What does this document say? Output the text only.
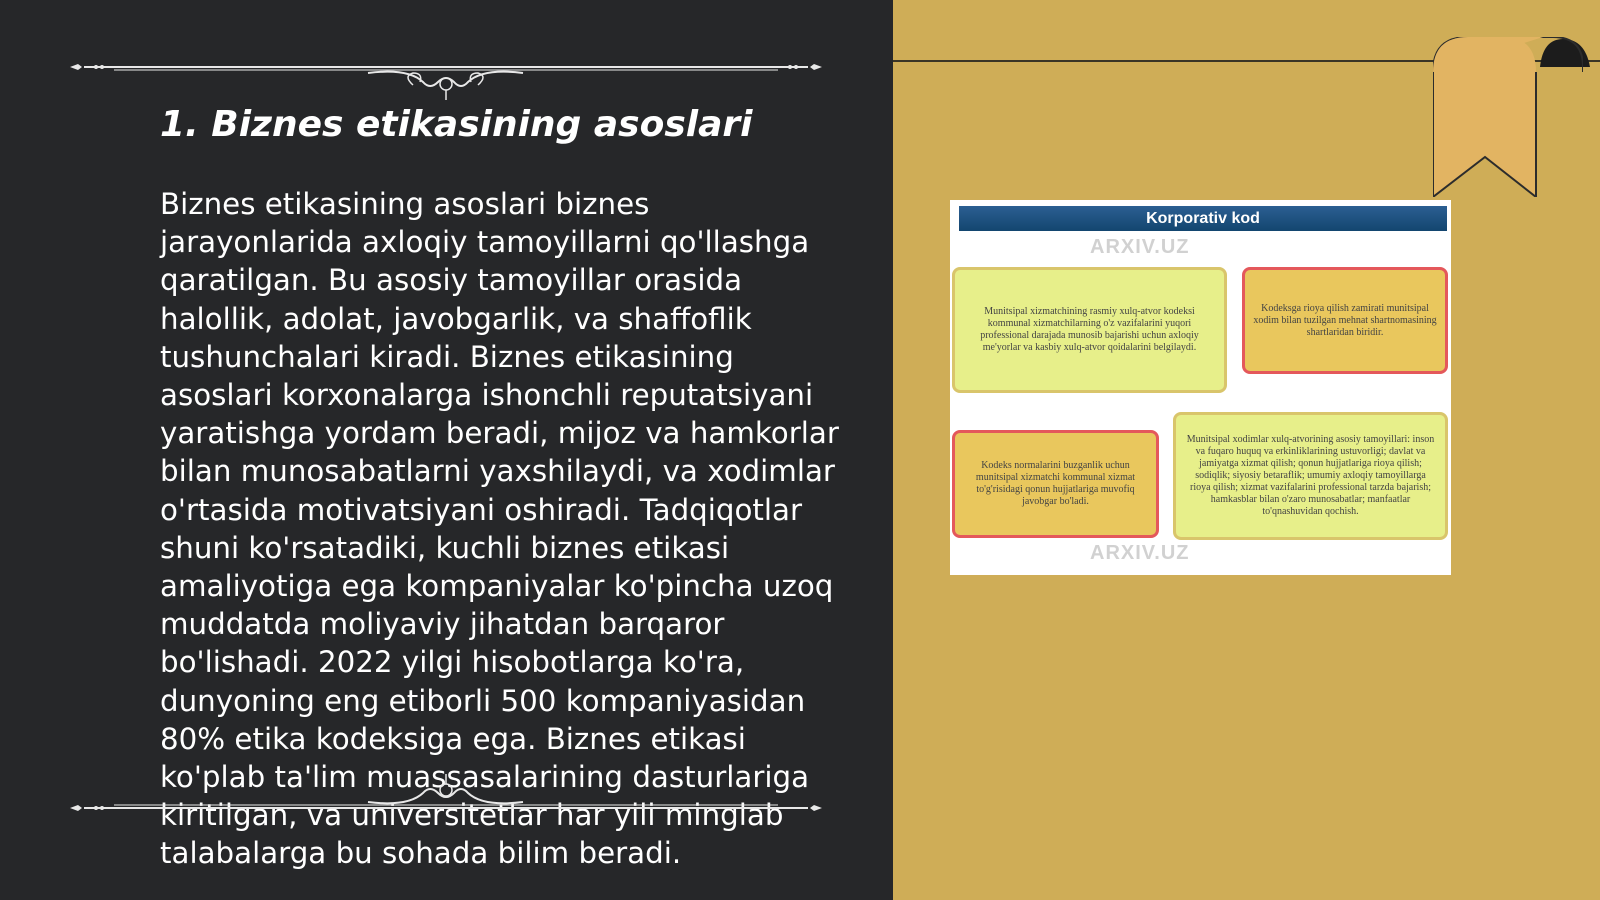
1. Biznes etikasining asoslari

Biznes etikasining asoslari biznes jarayonlarida axloqiy tamoyillarni qo'llashga qaratilgan. Bu asosiy tamoyillar orasida halollik, adolat, javobgarlik, va shaffoflik tushunchalari kiradi. Biznes etikasining asoslari korxonalarga ishonchli reputatsiyani yaratishga yordam beradi, mijoz va hamkorlar bilan munosabatlarni yaxshilaydi, va xodimlar o'rtasida motivatsiyani oshiradi. Tadqiqotlar shuni ko'rsatadiki, kuchli biznes etikasi amaliyotiga ega kompaniyalar ko'pincha uzoq muddatda moliyaviy jihatdan barqaror bo'lishadi. 2022 yilgi hisobotlarga ko'ra, dunyoning eng etiborli 500 kompaniyasidan 80% etika kodeksiga ega. Biznes etikasi ko'plab ta'lim muassasalarining dasturlariga kiritilgan, va universitetlar har yili minglab talabalarga bu sohada bilim beradi.

Korporativ kod
ARXIV.UZ
Munitsipal xizmatchining rasmiy xulq-atvor kodeksi kommunal xizmatchilarning o'z vazifalarini yuqori professional darajada munosib bajarishi uchun axloqiy me'yorlar va kasbiy xulq-atvor qoidalarini belgilaydi.
Kodeksga rioya qilish zamirati munitsipal xodim bilan tuzilgan mehnat shartnomasining shartlaridan biridir.
Kodeks normalarini buzganlik uchun munitsipal xizmatchi kommunal xizmat to'g'risidagi qonun hujjatlariga muvofiq javobgar bo'ladi.
Munitsipal xodimlar xulq-atvorining asosiy tamoyillari: inson va fuqaro huquq va erkinliklarining ustuvorligi; davlat va jamiyatga xizmat qilish; qonun hujjatlariga rioya qilish; sodiqlik; siyosiy betaraflik; umumiy axloqiy tamoyillarga rioya qilish; xizmat vazifalarini professional tarzda bajarish; hamkasblar bilan o'zaro munosabatlar; manfaatlar to'qnashuvidan qochish.
ARXIV.UZ
